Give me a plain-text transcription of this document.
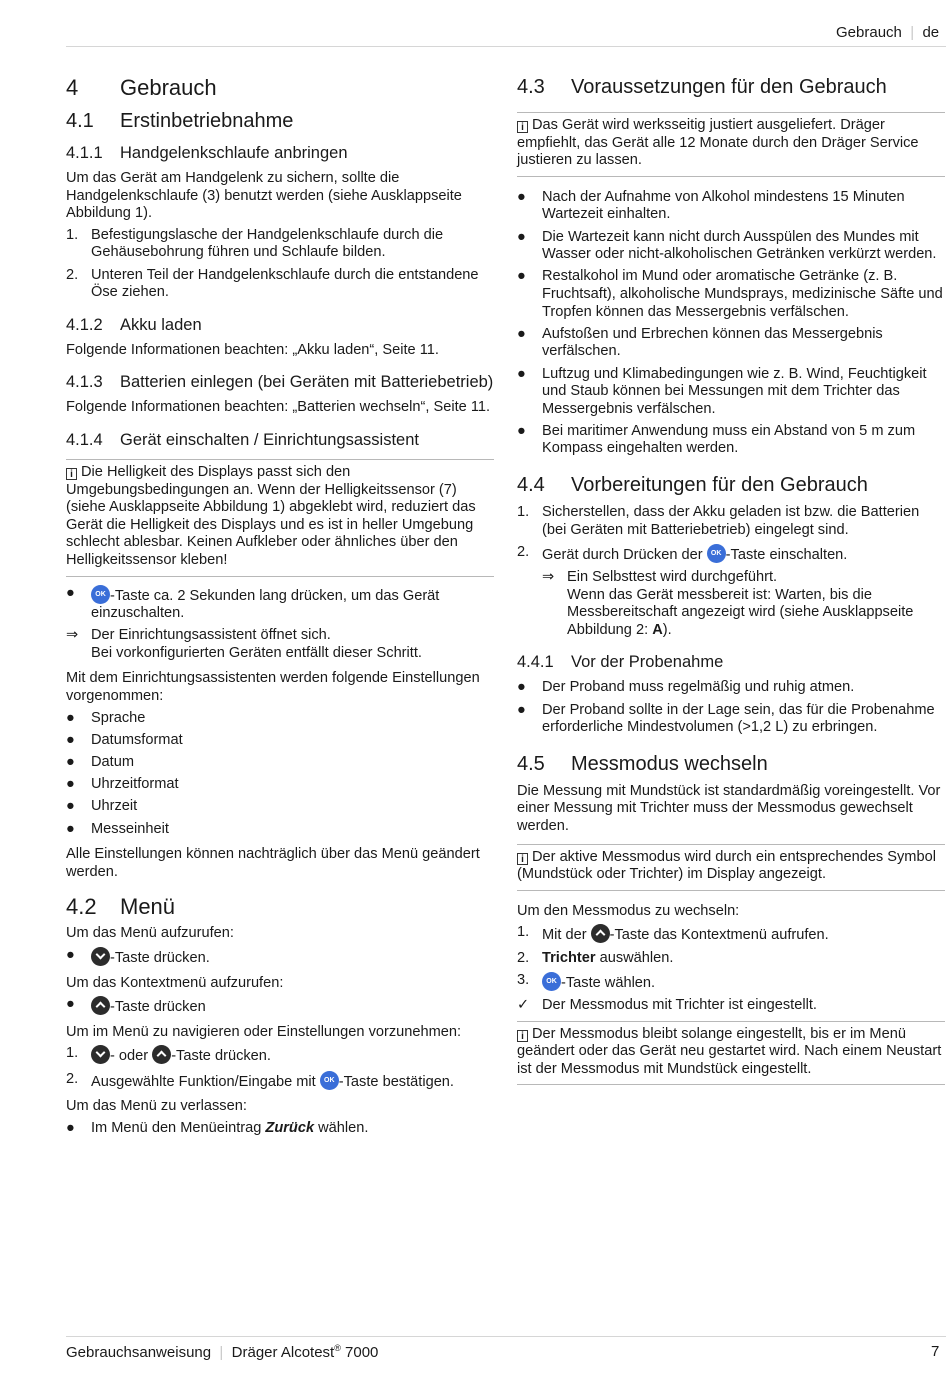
Gebrauch  |  de
4	Gebrauch
4.1	Erstinbetriebnahme
4.1.1	Handgelenkschlaufe anbringen

Um das Gerät am Handgelenk zu sichern, sollte die Handgelenkschlaufe (3) benutzt werden (siehe Ausklappseite Abbildung 1).

1. Befestigungslasche der Handgelenkschlaufe durch die Gehäusebohrung führen und Schlaufe bilden.
2. Unteren Teil der Handgelenkschlaufe durch die entstandene Öse ziehen.
4.1.2	Akku laden

Folgende Informationen beachten: „Akku laden“, Seite 11.

4.1.3	Batterien einlegen (bei Geräten mit Batteriebetrieb)

Folgende Informationen beachten: „Batterien wechseln“, Seite 11.

4.1.4	Gerät einschalten / Einrichtungsassistent
i Die Helligkeit des Displays passt sich den Umgebungsbedingungen an. Wenn der Helligkeitssensor (7) (siehe Ausklappseite Abbildung 1) abgeklebt wird, reduziert das Gerät die Helligkeit des Displays und es ist in heller Umgebung schlecht ablesbar. Keinen Aufkleber oder ähnliches über den Helligkeitssensor kleben!
● OK	-Taste ca. 2 Sekunden lang drücken, um das Gerät einzuschalten.
⇒ Der Einrichtungsassistent öffnet sich.
Bei vorkonfigurierten Geräten entfällt dieser Schritt.

Mit dem Einrichtungsassistenten werden folgende Einstellungen vorgenommen:

●	Sprache
●	Datumsformat
●	Datum
●	Uhrzeitformat
●	Uhrzeit
●	Messeinheit

Alle Einstellungen können nachträglich über das Menü geändert werden.

4.2	Menü

Um das Menü aufzurufen:

●	-Taste drücken.

Um das Kontextmenü aufzurufen:

●	-Taste drücken

Um im Menü zu navigieren oder Einstellungen vorzunehmen:

1.	- oder -Taste drücken.
2. Ausgewählte Funktion/Eingabe mit OK-Taste bestätigen.

Um das Menü zu verlassen:

●	Im Menü den Menüeintrag Zurück wählen.
4.3	Voraussetzungen für den Gebrauch
i Das Gerät wird werksseitig justiert ausgeliefert. Dräger empfiehlt, das Gerät alle 12 Monate durch den Dräger Service justieren zu lassen.
●	Nach der Aufnahme von Alkohol mindestens 15 Minuten Wartezeit einhalten.
●	Die Wartezeit kann nicht durch Ausspülen des Mundes mit Wasser oder nicht-alkoholischen Getränken verkürzt werden.
●	Restalkohol im Mund oder aromatische Getränke (z. B. Fruchtsaft), alkoholische Mundsprays, medizinische Säfte und Tropfen können das Messergebnis verfälschen.
●	Aufstoßen und Erbrechen können das Messergebnis verfälschen.
●	Luftzug und Klimabedingungen wie z. B. Wind, Feuchtigkeit und Staub können bei Messungen mit dem Trichter das Messergebnis verfälschen.
●	Bei maritimer Anwendung muss ein Abstand von 5 m zum Kompass eingehalten werden.
4.4	Vorbereitungen für den Gebrauch
1. Sicherstellen, dass der Akku geladen ist bzw. die Batterien (bei Geräten mit Batteriebetrieb) eingelegt sind.
2. Gerät durch Drücken der OK-Taste einschalten.
⇒ Ein Selbsttest wird durchgeführt.
Wenn das Gerät messbereit ist: Warten, bis die Messbereitschaft angezeigt wird (siehe Ausklappseite Abbildung 2: A).
4.4.1	Vor der Probenahme
●	Der Proband muss regelmäßig und ruhig atmen.
●	Der Proband sollte in der Lage sein, das für die Probenahme erforderliche Mindestvolumen (>1,2 L) zu erbringen.
4.5	Messmodus wechseln

Die Messung mit Mundstück ist standardmäßig voreingestellt. Vor einer Messung mit Trichter muss der Messmodus gewechselt werden.

i Der aktive Messmodus wird durch ein entsprechendes Symbol (Mundstück oder Trichter) im Display angezeigt.

Um den Messmodus zu wechseln:

1. Mit der -Taste das Kontextmenü aufrufen.
2. Trichter auswählen.
3. OK	-Taste wählen.
✓ Der Messmodus mit Trichter ist eingestellt.
i Der Messmodus bleibt solange eingestellt, bis er im Menü geändert oder das Gerät neu gestartet wird. Nach einem Neustart ist der Messmodus mit Mundstück eingestellt.
Gebrauchsanweisung  |  Dräger Alcotest® 7000	7
